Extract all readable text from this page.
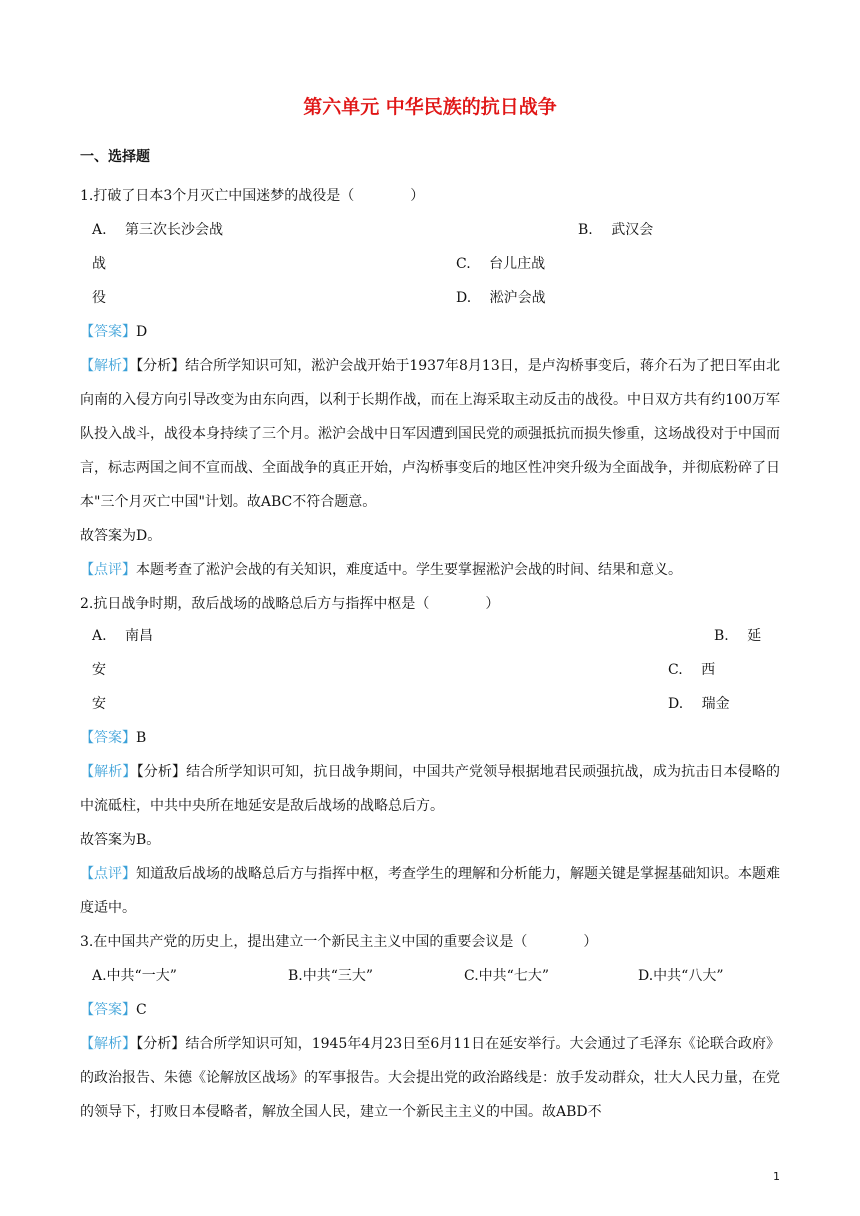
第六单元 中华民族的抗日战争
一、选择题
1.打破了日本3个月灭亡中国迷梦的战役是（　　　　）
A.　 第三次长沙会战	B.　 武汉会
战	C.　 台儿庄战
役	D.　 淞沪会战
【答案】D
【解析】【分析】结合所学知识可知，淞沪会战开始于1937年8月13日，是卢沟桥事变后，蒋介石为了把日军由北向南的入侵方向引导改变为由东向西，以利于长期作战，而在上海采取主动反击的战役。中日双方共有约100万军队投入战斗，战役本身持续了三个月。淞沪会战中日军因遭到国民党的顽强抵抗而损失惨重，这场战役对于中国而言，标志两国之间不宣而战、全面战争的真正开始，卢沟桥事变后的地区性冲突升级为全面战争，并彻底粉碎了日本"三个月灭亡中国"计划。故ABC不符合题意。
故答案为D。
【点评】本题考查了淞沪会战的有关知识，难度适中。学生要掌握淞沪会战的时间、结果和意义。
2.抗日战争时期，敌后战场的战略总后方与指挥中枢是（　　　　）
A.　 南昌	B.　 延
安	C.　 西
安	D.　 瑞金
【答案】B
【解析】【分析】结合所学知识可知，抗日战争期间，中国共产党领导根据地君民顽强抗战，成为抗击日本侵略的中流砥柱，中共中央所在地延安是敌后战场的战略总后方。
故答案为B。
【点评】知道敌后战场的战略总后方与指挥中枢，考查学生的理解和分析能力，解题关键是掌握基础知识。本题难度适中。
3.在中国共产党的历史上，提出建立一个新民主主义中国的重要会议是（　　　　）
A.中共“一大”	B.中共“三大”	C.中共“七大”	D.中共“八大”
【答案】C
【解析】【分析】结合所学知识可知，1945年4月23日至6月11日在延安举行。大会通过了毛泽东《论联合政府》的政治报告、朱德《论解放区战场》的军事报告。大会提出党的政治路线是：放手发动群众，壮大人民力量，在党的领导下，打败日本侵略者，解放全国人民，建立一个新民主主义的中国。故ABD不
1
